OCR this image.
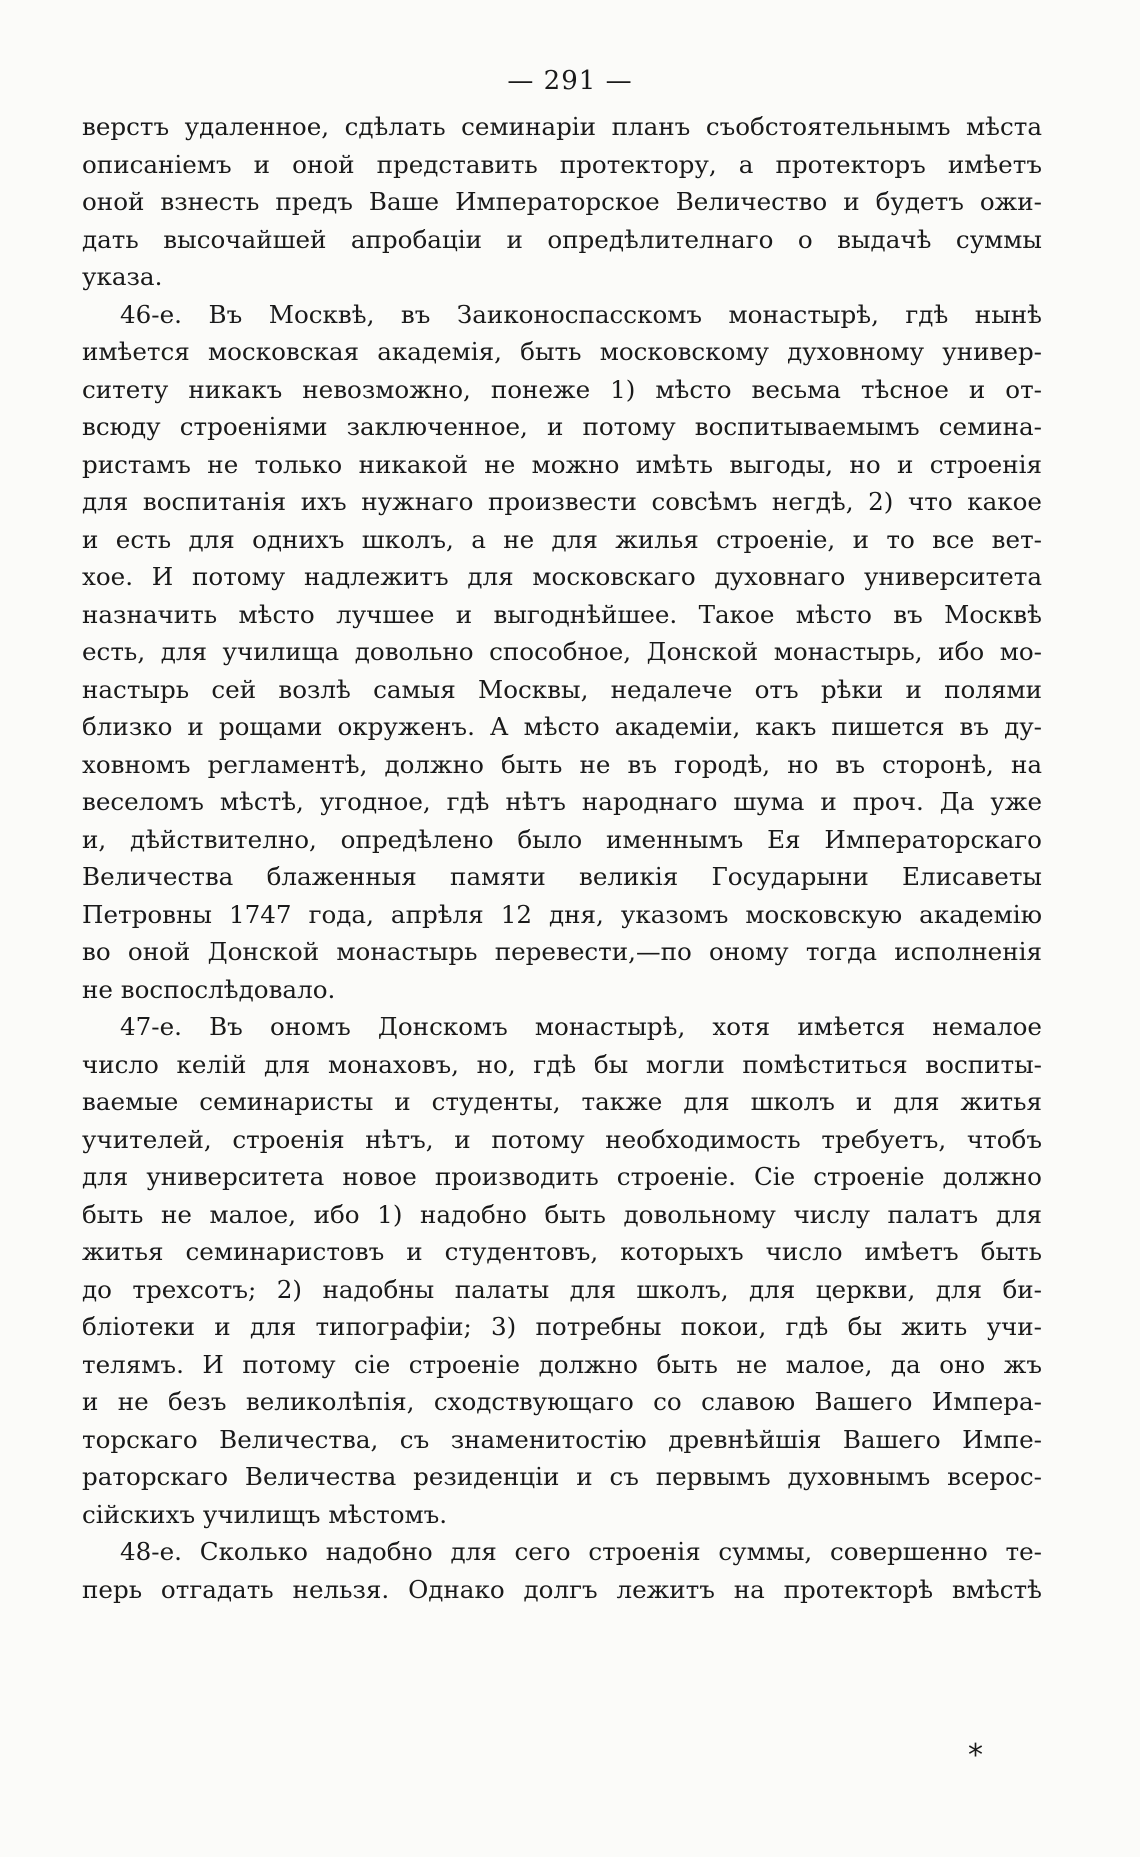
— 291 —
верстъ удаленное, сдѣлать семинаріи планъ съобстоятельнымъ мѣста
описаніемъ и оной представить протектору, а протекторъ имѣетъ
оной взнесть предъ Ваше Императорское Величество и будетъ ожи-
дать высочайшей апробаціи и опредѣлителнаго о выдачѣ суммы
указа.
46-е. Въ Москвѣ, въ Заиконоспасскомъ монастырѣ, гдѣ нынѣ
имѣется московская академія, быть московскому духовному универ-
ситету никакъ невозможно, понеже 1) мѣсто весьма тѣсное и от-
всюду строеніями заключенное, и потому воспитываемымъ семина-
ристамъ не только никакой не можно имѣть выгоды, но и строенія
для воспитанія ихъ нужнаго произвести совсѣмъ негдѣ, 2) что какое
и есть для однихъ школъ, а не для жилья строеніе, и то все вет-
хое. И потому надлежитъ для московскаго духовнаго университета
назначить мѣсто лучшее и выгоднѣйшее. Такое мѣсто въ Москвѣ
есть, для училища довольно способное, Донской монастырь, ибо мо-
настырь сей возлѣ самыя Москвы, недалече отъ рѣки и полями
близко и рощами окруженъ. А мѣсто академіи, какъ пишется въ ду-
ховномъ регламентѣ, должно быть не въ городѣ, но въ сторонѣ, на
веселомъ мѣстѣ, угодное, гдѣ нѣтъ народнаго шума и проч. Да уже
и, дѣйствително, опредѣлено было именнымъ Ея Императорскаго
Величества блаженныя памяти великія Государыни Елисаветы
Петровны 1747 года, апрѣля 12 дня, указомъ московскую академію
во оной Донской монастырь перевести,—по оному тогда исполненія
не воспослѣдовало.
47-е. Въ ономъ Донскомъ монастырѣ, хотя имѣется немалое
число келій для монаховъ, но, гдѣ бы могли помѣститься воспиты-
ваемые семинаристы и студенты, также для школъ и для житья
учителей, строенія нѣтъ, и потому необходимость требуетъ, чтобъ
для университета новое производить строеніе. Сіе строеніе должно
быть не малое, ибо 1) надобно быть довольному числу палатъ для
житья семинаристовъ и студентовъ, которыхъ число имѣетъ быть
до трехсотъ; 2) надобны палаты для школъ, для церкви, для би-
бліотеки и для типографіи; 3) потребны покои, гдѣ бы жить учи-
телямъ. И потому сіе строеніе должно быть не малое, да оно жъ
и не безъ великолѣпія, сходствующаго со славою Вашего Импера-
торскаго Величества, съ знаменитостію древнѣйшія Вашего Импе-
раторскаго Величества резиденціи и съ первымъ духовнымъ всерос-
сійскихъ училищъ мѣстомъ.
48-е. Сколько надобно для сего строенія суммы, совершенно те-
перь отгадать нельзя. Однако долгъ лежитъ на протекторѣ вмѣстѣ
*
